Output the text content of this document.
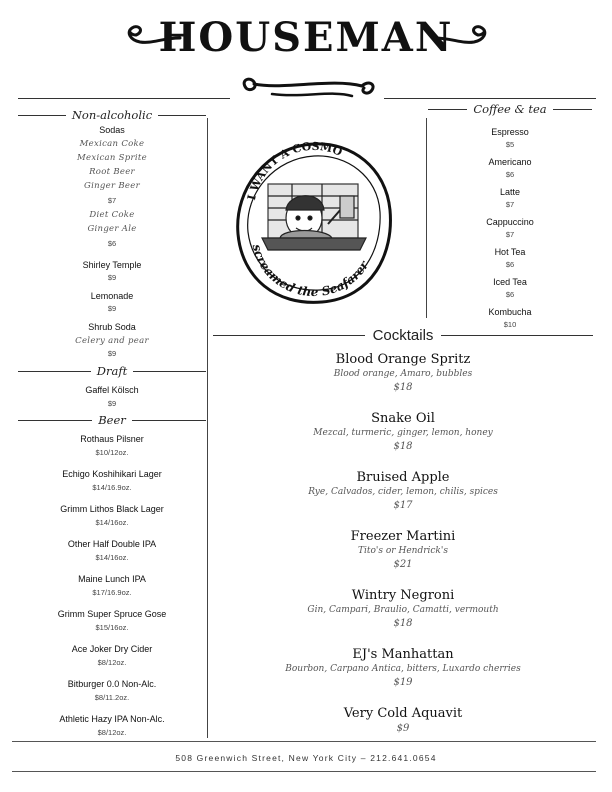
HOUSEMAN
Non-alcoholic
Sodas
Mexican Coke
Mexican Sprite
Root Beer
Ginger Beer
$7
Diet Coke
Ginger Ale
$6
Shirley Temple
$9
Lemonade
$9
Shrub Soda
Celery and pear
$9
Draft
Gaffel Kölsch
$9
Beer
Rothaus Pilsner
$10/12oz.
Echigo Koshihikari Lager
$14/16.9oz.
Grimm Lithos Black Lager
$14/16oz.
Other Half Double IPA
$14/16oz.
Maine Lunch IPA
$17/16.9oz.
Grimm Super Spruce Gose
$15/16oz.
Ace Joker Dry Cider
$8/12oz.
Bitburger 0.0 Non-Alc.
$8/11.2oz.
Athletic Hazy IPA Non-Alc.
$8/12oz.
I WANT A COSMO
screamed the Seafarer
Coffee & tea
Espresso
$5
Americano
$6
Latte
$7
Cappuccino
$7
Hot Tea
$6
Iced Tea
$6
Kombucha
$10
Cocktails
Blood Orange Spritz
Blood orange, Amaro, bubbles
$18
Snake Oil
Mezcal, turmeric, ginger, lemon, honey
$18
Bruised Apple
Rye, Calvados, cider, lemon, chilis, spices
$17
Freezer Martini
Tito's or Hendrick's
$21
Wintry Negroni
Gin, Campari, Braulio, Camatti, vermouth
$18
EJ's Manhattan
Bourbon, Carpano Antica, bitters, Luxardo cherries
$19
Very Cold Aquavit
$9
508 Greenwich Street, New York City – 212.641.0654
